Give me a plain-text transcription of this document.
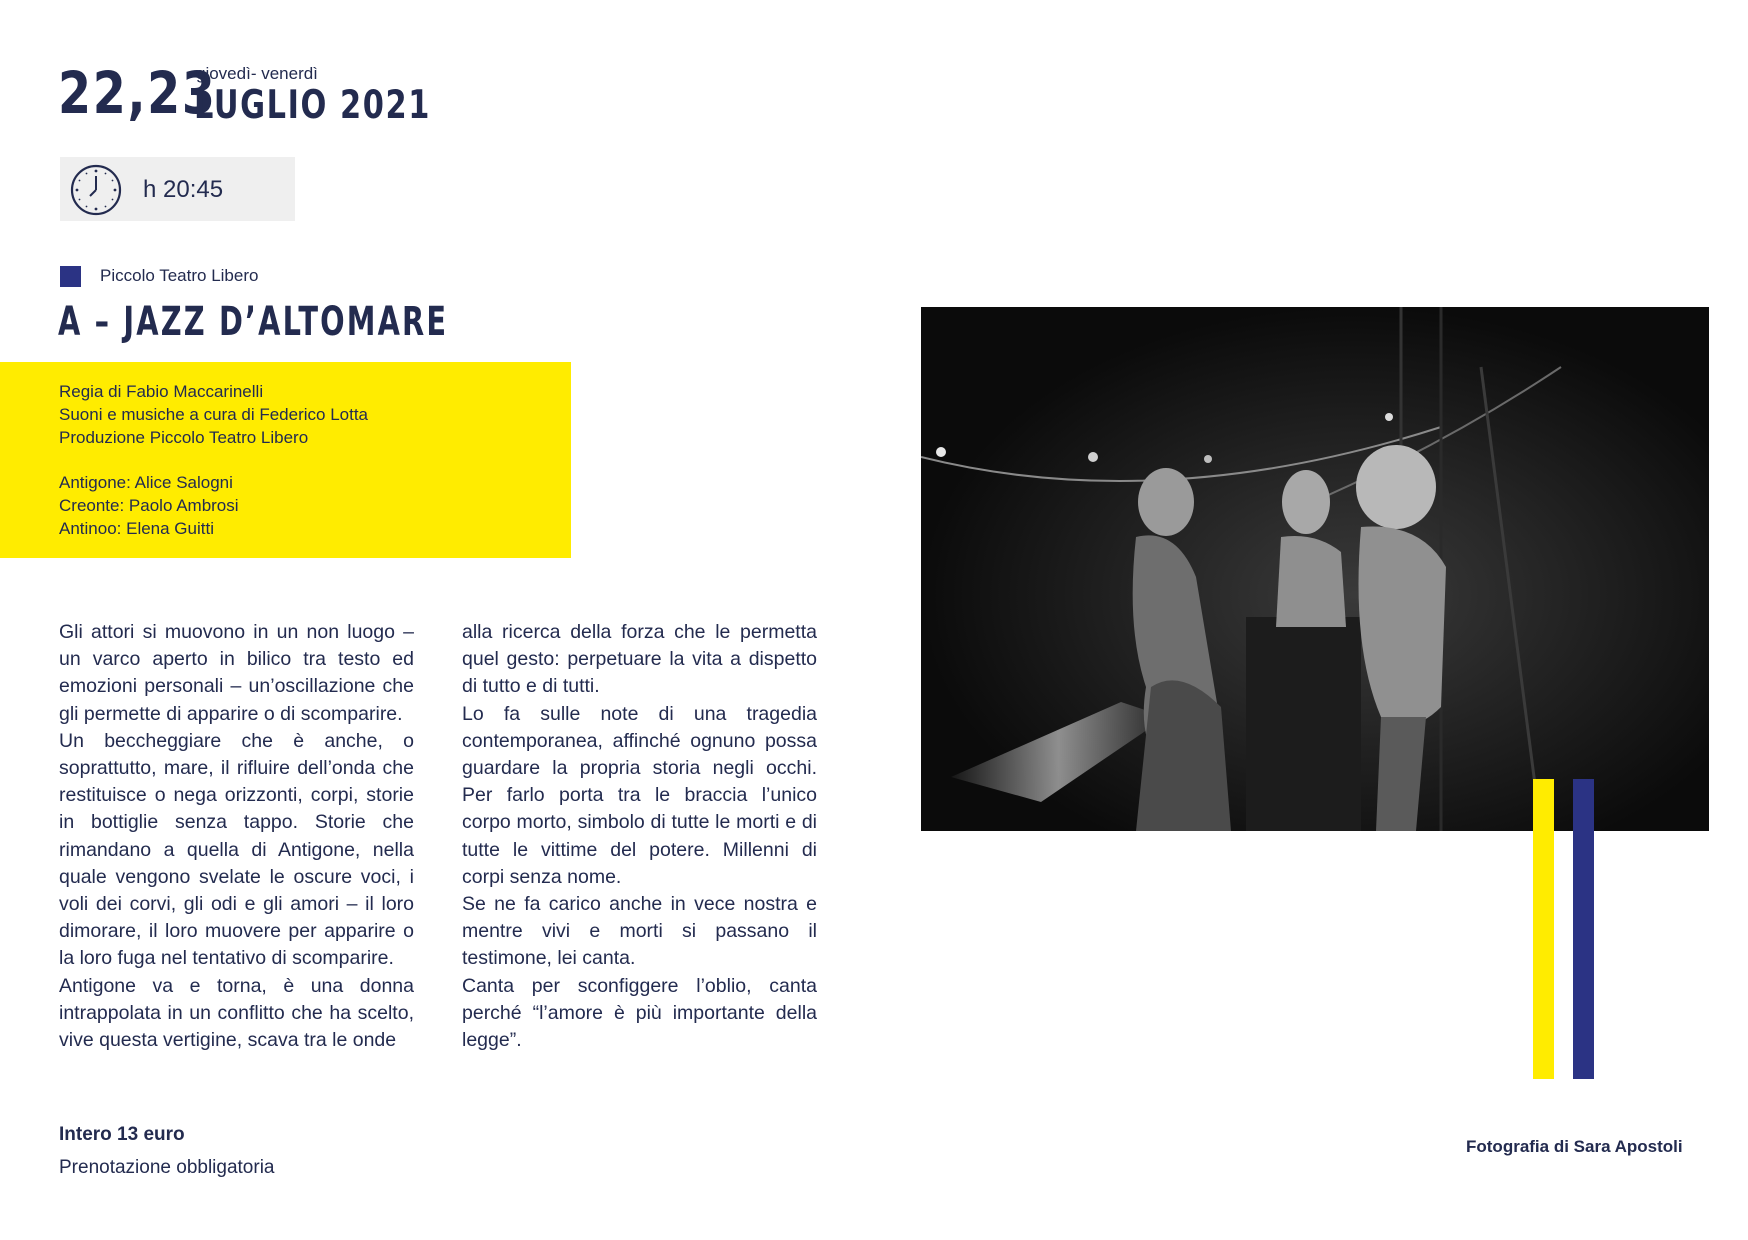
22,23
giovedì- venerdì
LUGLIO 2021
h 20:45
Piccolo Teatro Libero
A – JAZZ D’ALTOMARE
Regia di Fabio Maccarinelli
Suoni e musiche a cura di Federico Lotta
Produzione Piccolo Teatro Libero
Antigone: Alice Salogni
Creonte: Paolo Ambrosi
Antinoo: Elena Guitti

Gli attori si muovono in un non luogo – un varco aperto in bilico tra testo ed emozioni personali – un’oscillazione che gli permette di apparire o di scomparire.

Un beccheggiare che è anche, o soprattutto, mare, il rifluire dell’onda che restituisce o nega orizzonti, corpi, storie in bottiglie senza tappo. Storie che rimandano a quella di Antigone, nella quale vengono svelate le oscure voci, i voli dei corvi, gli odi e gli amori – il loro dimorare, il loro muovere per apparire o la loro fuga nel tentativo di scomparire.

Antigone va e torna, è una donna intrappolata in un conflitto che ha scelto, vive questa vertigine, scava tra le onde

alla ricerca della forza che le permetta quel gesto: perpetuare la vita a dispetto di tutto e di tutti.

Lo fa sulle note di una tragedia contemporanea, affinché ognuno possa guardare la propria storia negli occhi. Per farlo porta tra le braccia l’unico corpo morto, simbolo di tutte le morti e di tutte le vittime del potere. Millenni di corpi senza nome.

Se ne fa carico anche in vece nostra e mentre vivi e morti si passano il testimone, lei canta.

Canta per sconfiggere l’oblio, canta perché “l’amore è più importante della legge”.

Intero 13 euro
Prenotazione obbligatoria
Fotografia di Sara Apostoli
